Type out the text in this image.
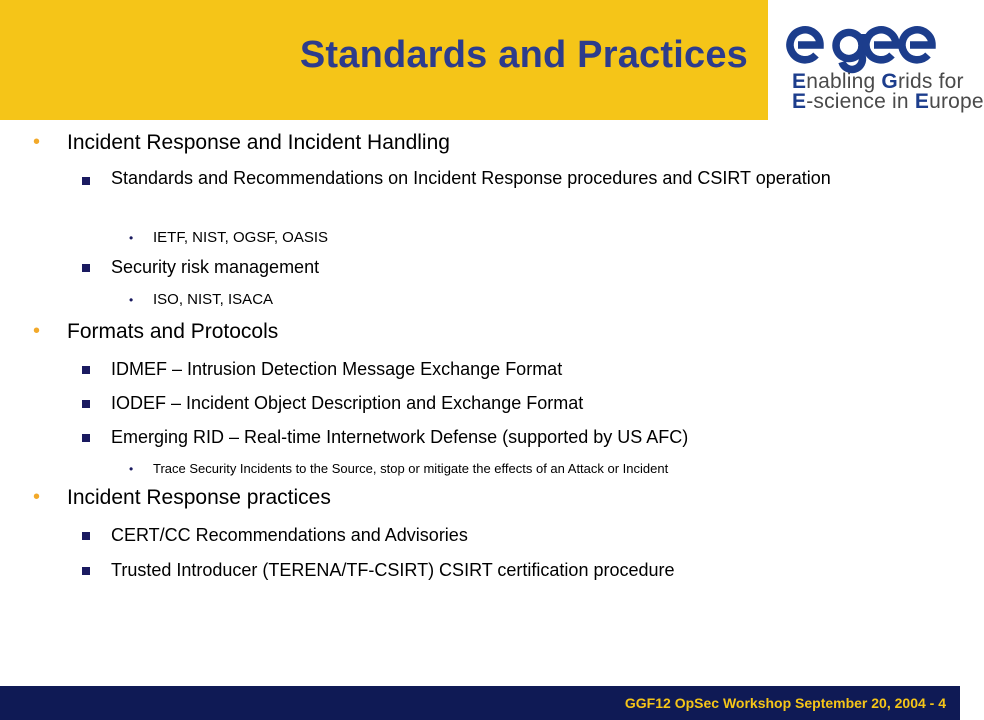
Standards and Practices
Enabling Grids for
E-science in Europe
• Incident Response and Incident Handling
Standards and Recommendations on Incident Response procedures and CSIRT operation
• IETF, NIST, OGSF, OASIS
Security risk management
• ISO, NIST, ISACA
• Formats and Protocols
IDMEF – Intrusion Detection Message Exchange Format
IODEF – Incident Object Description and Exchange Format
Emerging RID – Real-time Internetwork Defense (supported by US AFC)
• Trace Security Incidents to the Source, stop or mitigate the effects of an Attack or Incident
• Incident Response practices
CERT/CC Recommendations and Advisories
Trusted Introducer (TERENA/TF-CSIRT) CSIRT certification procedure
GGF12 OpSec Workshop September 20, 2004 - 4
